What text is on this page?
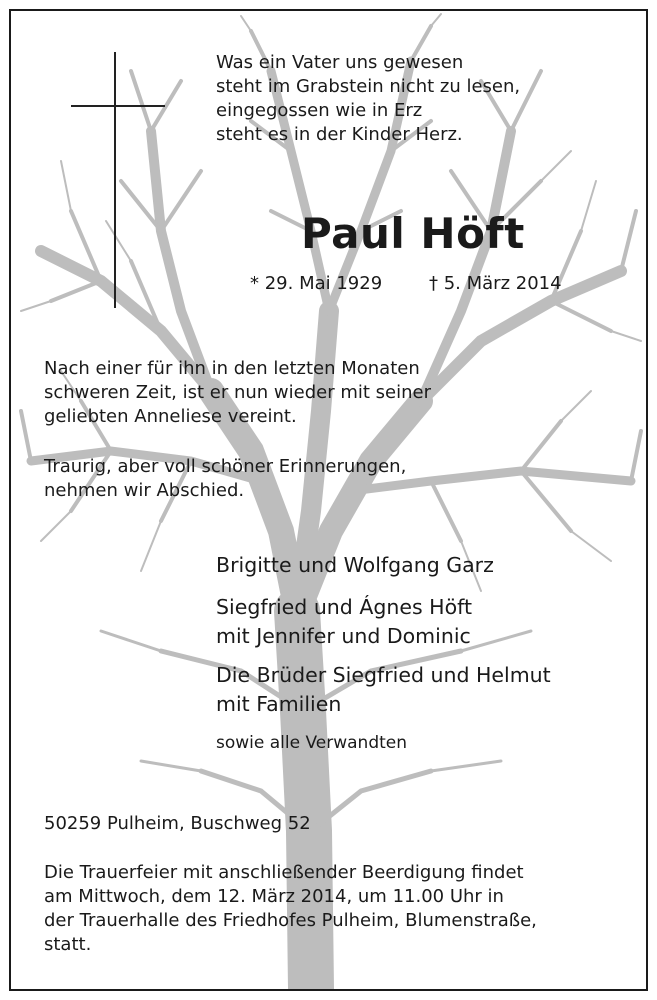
Was ein Vater uns gewesen
steht im Grabstein nicht zu lesen,
eingegossen wie in Erz
steht es in der Kinder Herz.
Paul Höft
* 29. Mai 1929	† 5. März 2014
Nach einer für ihn in den letzten Monaten
schweren Zeit, ist er nun wieder mit seiner
geliebten Anneliese vereint.
Traurig, aber voll schöner Erinnerungen,
nehmen wir Abschied.
Brigitte und Wolfgang Garz
Siegfried und Ágnes Höft
mit Jennifer und Dominic
Die Brüder Siegfried und Helmut
mit Familien
sowie alle Verwandten
50259 Pulheim, Buschweg 52
Die Trauerfeier mit anschließender Beerdigung findet
am Mittwoch, dem 12. März 2014, um 11.00 Uhr in
der Trauerhalle des Friedhofes Pulheim, Blumenstraße,
statt.
